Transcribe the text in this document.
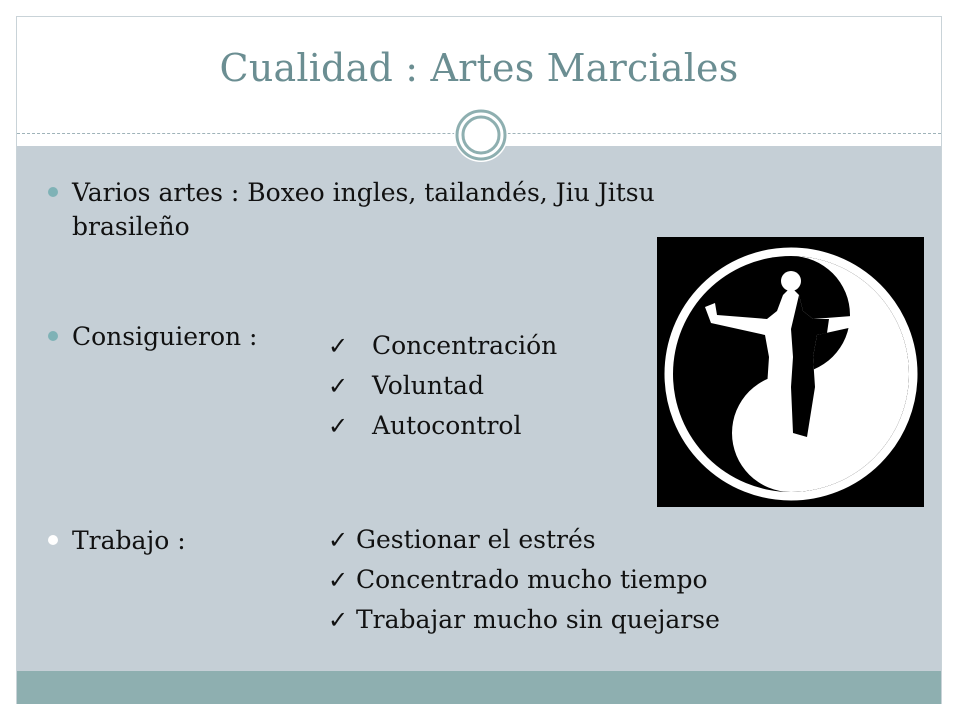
Cualidad : Artes Marciales
Varios artes : Boxeo ingles, tailandés, Jiu Jitsu
brasileño
Consiguieron :	✓ Concentración
✓ Voluntad
✓ Autocontrol
Trabajo :	✓ Gestionar el estrés
✓ Concentrado mucho tiempo
✓ Trabajar mucho sin quejarse
